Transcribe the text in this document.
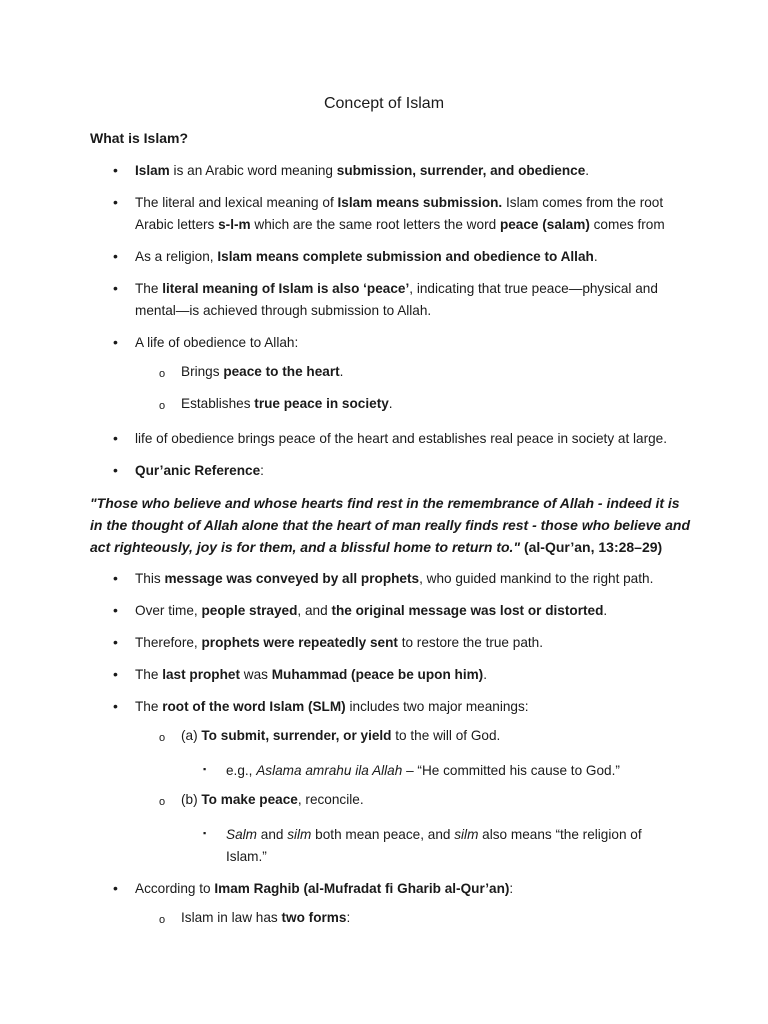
Concept of Islam
What is Islam?
• Islam is an Arabic word meaning submission, surrender, and obedience.
• The literal and lexical meaning of Islam means submission. Islam comes from the root
Arabic letters s-l-m which are the same root letters the word peace (salam) comes from
• As a religion, Islam means complete submission and obedience to Allah.
• The literal meaning of Islam is also ‘peace’, indicating that true peace—physical and
mental—is achieved through submission to Allah.
• A life of obedience to Allah:
o Brings peace to the heart.
o Establishes true peace in society.
• life of obedience brings peace of the heart and establishes real peace in society at large.
• Qur’anic Reference:
"Those who believe and whose hearts find rest in the remembrance of Allah - indeed it is in the thought of Allah alone that the heart of man really finds rest - those who believe and act righteously, joy is for them, and a blissful home to return to." (al-Qur’an, 13:28–29)
• This message was conveyed by all prophets, who guided mankind to the right path.
• Over time, people strayed, and the original message was lost or distorted.
• Therefore, prophets were repeatedly sent to restore the true path.
• The last prophet was Muhammad (peace be upon him).
• The root of the word Islam (SLM) includes two major meanings:
o (a) To submit, surrender, or yield to the will of God.
▪ e.g., Aslama amrahu ila Allah – “He committed his cause to God.”
o (b) To make peace, reconcile.
▪ Salm and silm both mean peace, and silm also means “the religion of
Islam.”
• According to Imam Raghib (al-Mufradat fi Gharib al-Qur’an):
o Islam in law has two forms:
